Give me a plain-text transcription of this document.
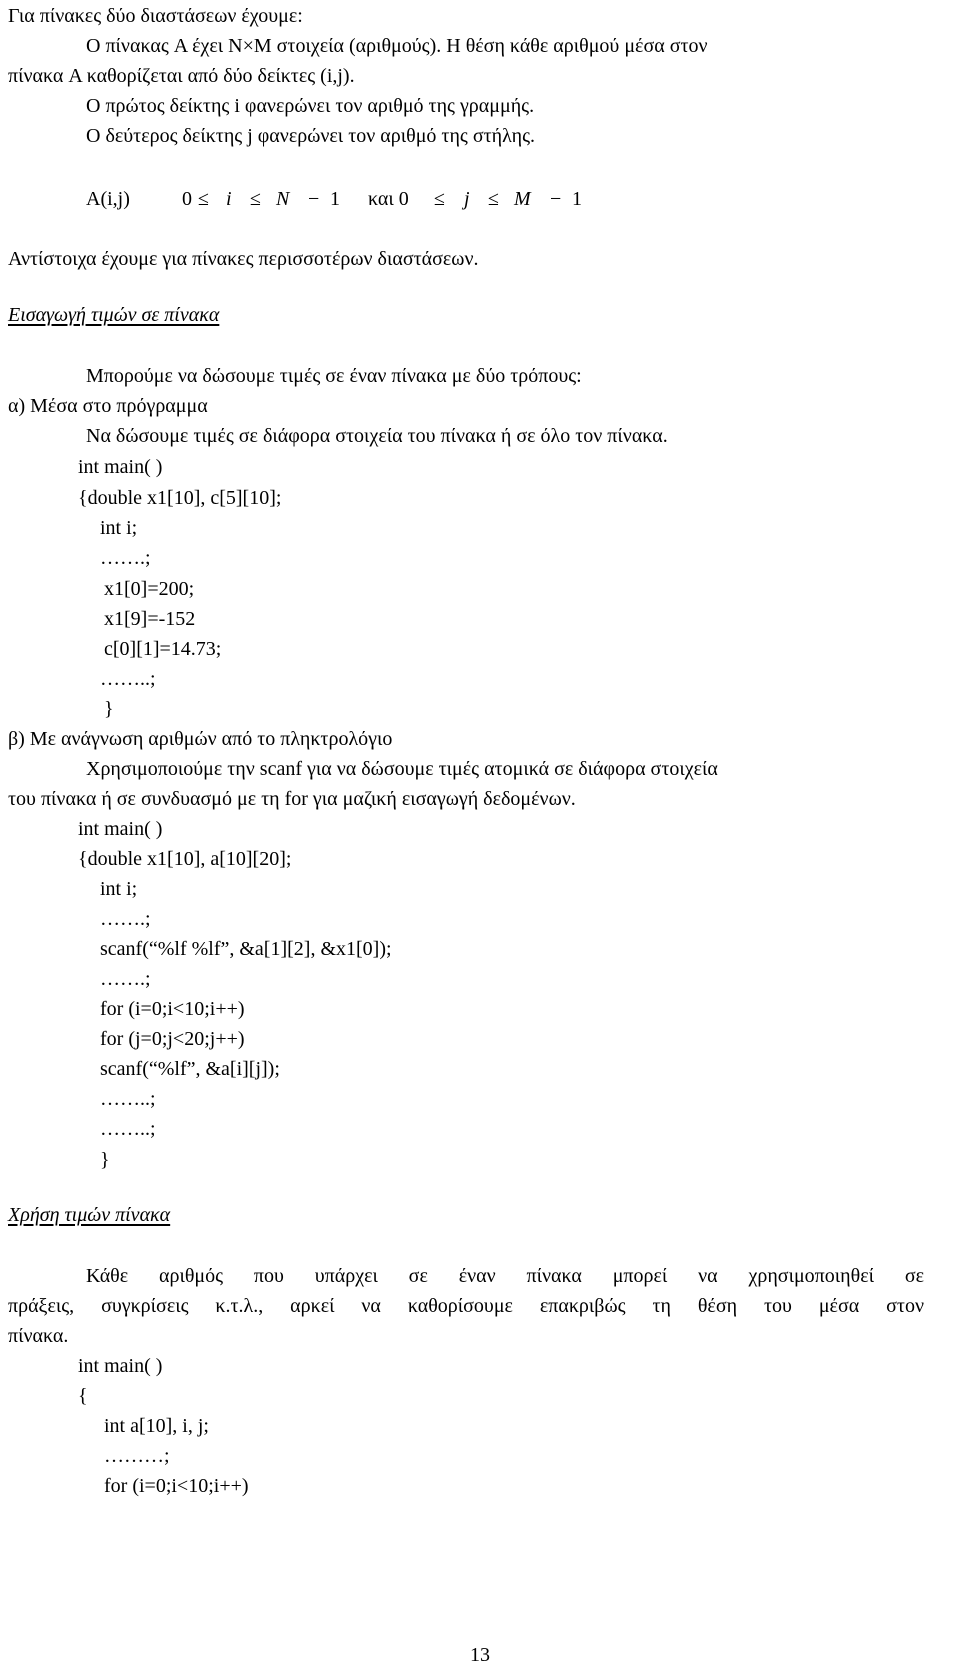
Για πίνακες δύο διαστάσεων έχουμε:
Ο πίνακας A έχει N×M στοιχεία (αριθμούς). Η θέση κάθε αριθμού μέσα στον
πίνακα A καθορίζεται από δύο δείκτες (i,j).
Ο πρώτος δείκτης i φανερώνει τον αριθμό της γραμμής.
Ο δεύτερος δείκτης j φανερώνει τον αριθμό της στήλης.

A(i,j)

	0

≤

i

≤

N

−

1

και 0

≤

j

≤

M

−

1

Αντίστοιχα έχουμε για πίνακες περισσοτέρων διαστάσεων.
Εισαγωγή τιμών σε πίνακα
Μπορούμε να δώσουμε τιμές σε έναν πίνακα με δύο τρόπους:
α) Μέσα στο πρόγραμμα
Να δώσουμε τιμές σε διάφορα στοιχεία του πίνακα ή σε όλο τον πίνακα.
int main( )
{double x1[10], c[5][10];
int i;
…….;
x1[0]=200;
x1[9]=-152
c[0][1]=14.73;
……..;
}
β) Με ανάγνωση αριθμών από το πληκτρολόγιο
Χρησιμοποιούμε την scanf για να δώσουμε τιμές ατομικά σε διάφορα στοιχεία
του πίνακα ή σε συνδυασμό με τη for για μαζική εισαγωγή δεδομένων.
int main( )
{double x1[10], a[10][20];
int i;
…….;
scanf(“%lf %lf”, &a[1][2], &x1[0]);
…….;
for (i=0;i<10;i++)
for (j=0;j<20;j++)
scanf(“%lf”, &a[i][j]);
……..;
……..;
}
Χρήση τιμών πίνακα
Κάθε αριθμός που υπάρχει σε έναν πίνακα μπορεί να χρησιμοποιηθεί σε
πράξεις, συγκρίσεις κ.τ.λ., αρκεί να καθορίσουμε επακριβώς τη θέση του μέσα στον
πίνακα.
int main( )
{
int a[10], i, j;
………;
for (i=0;i<10;i++)
13
